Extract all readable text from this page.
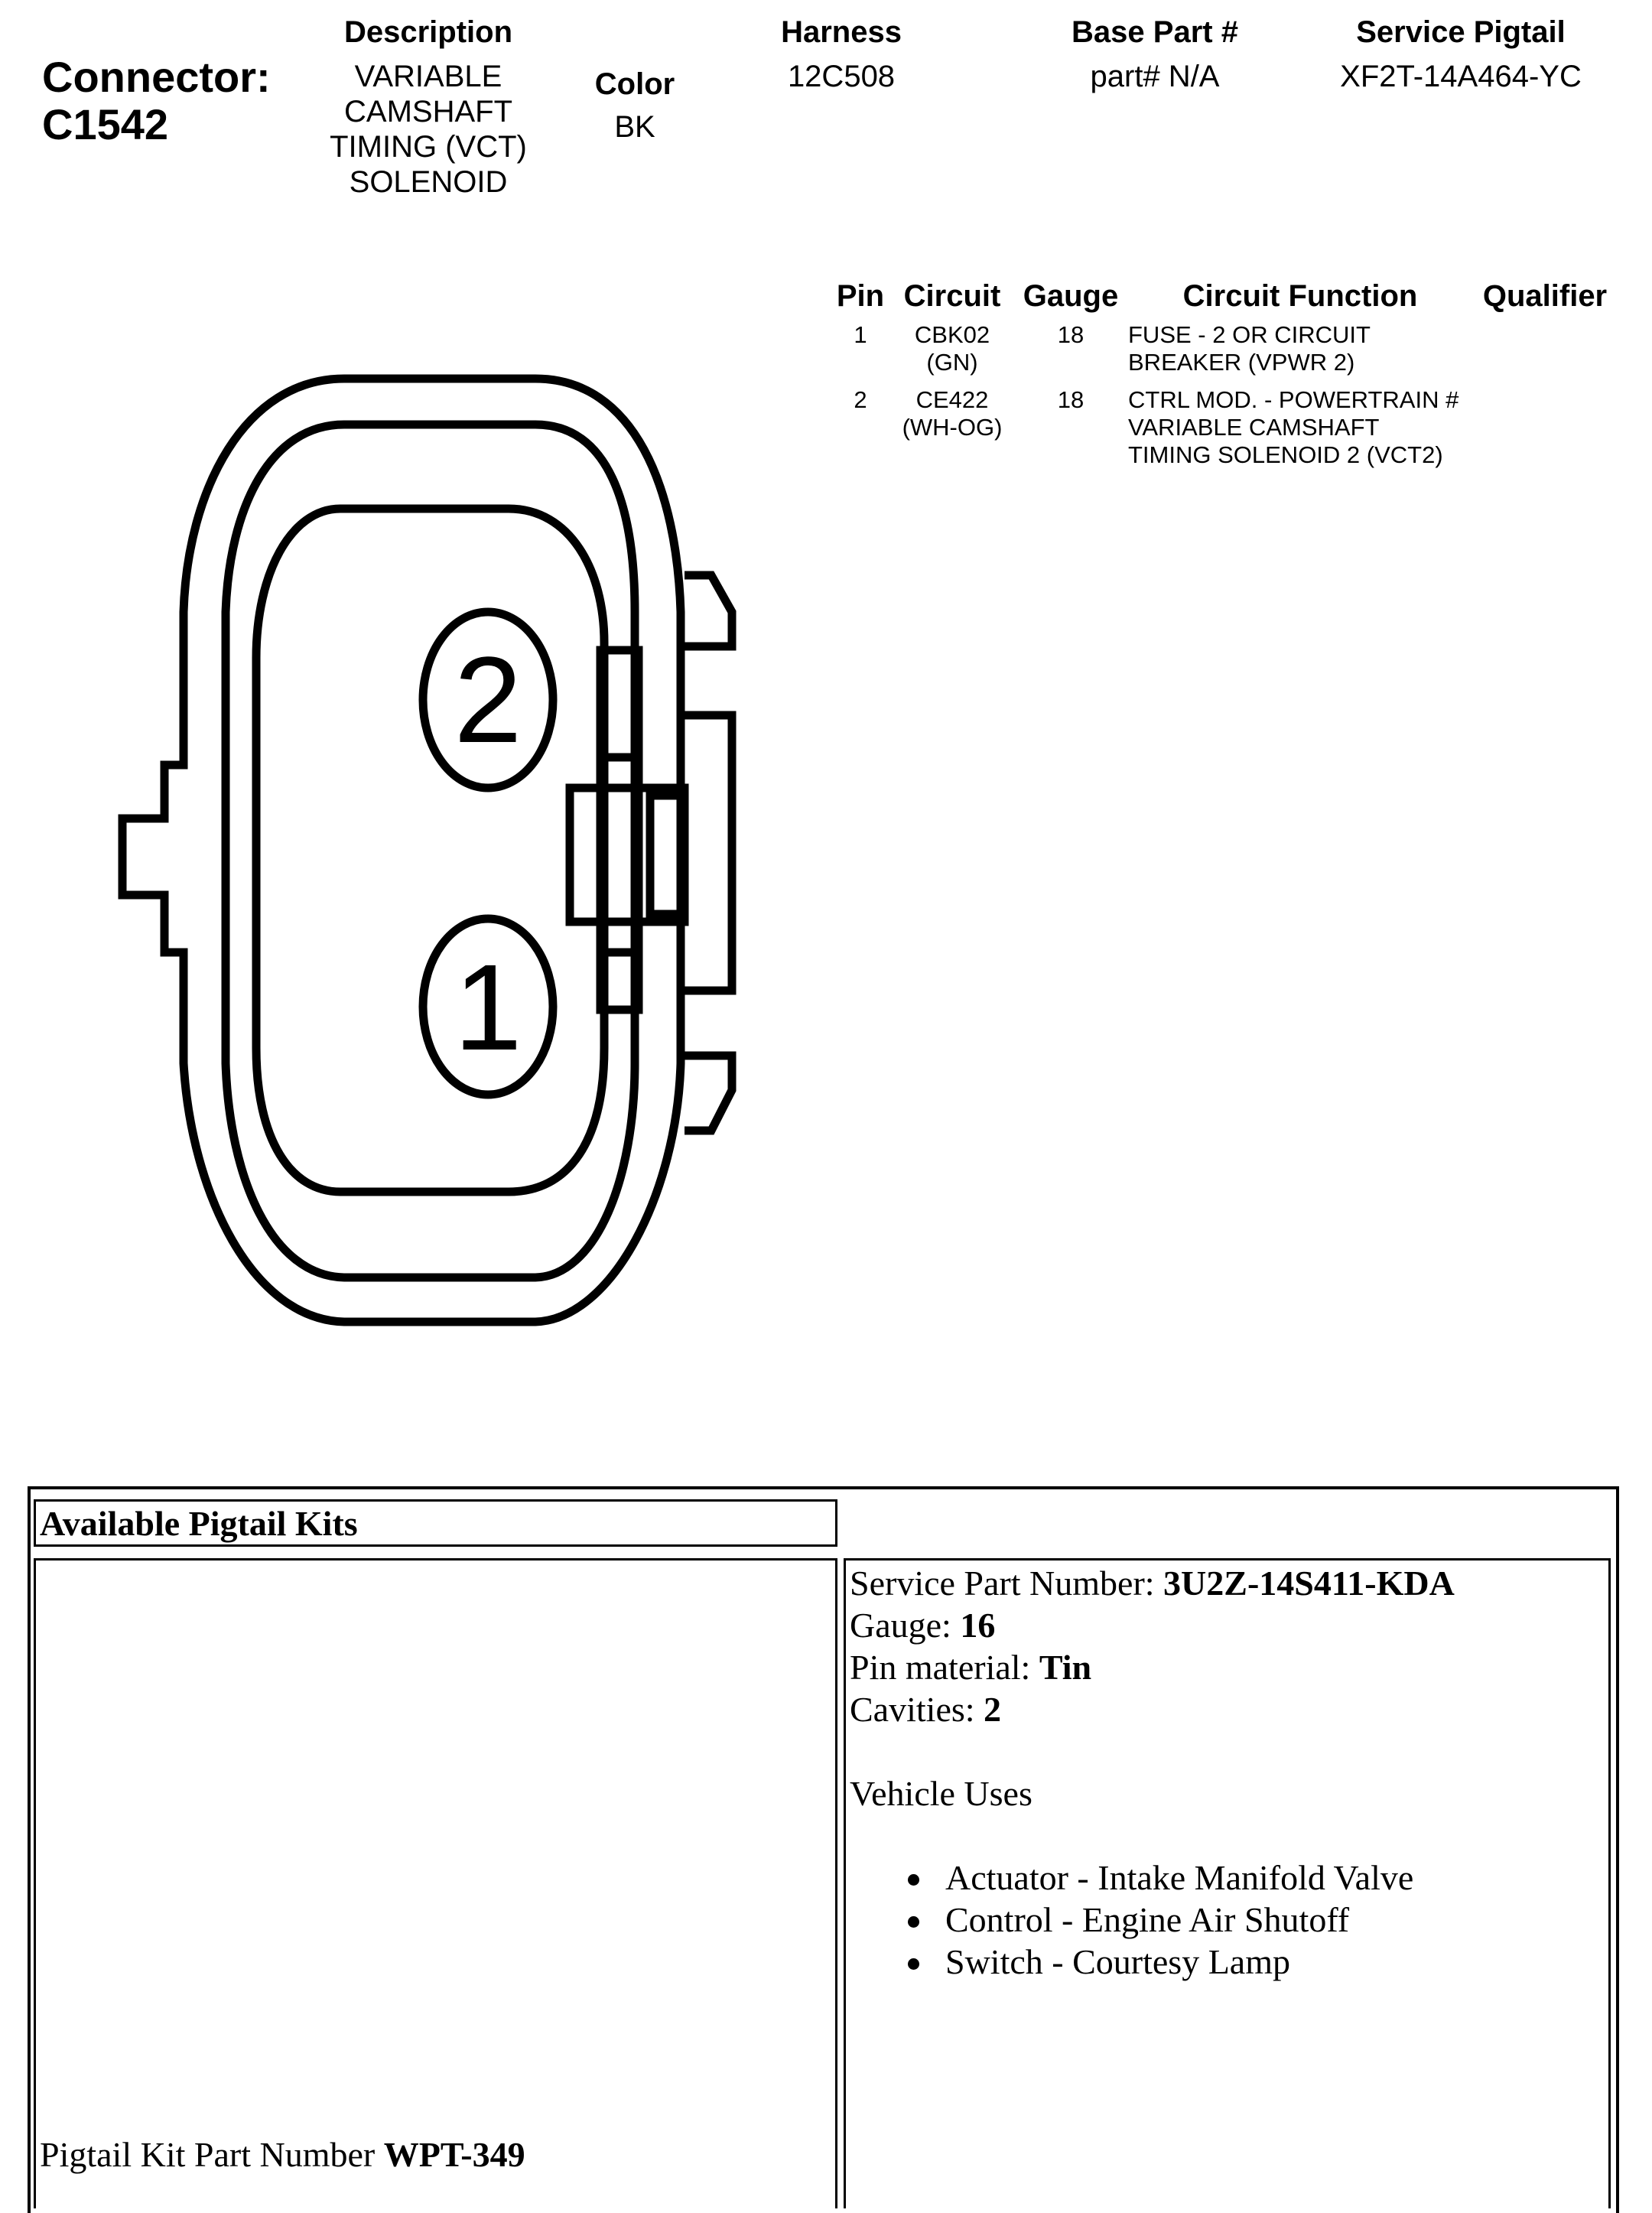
Connector:
C1542
Description
VARIABLE
CAMSHAFT
TIMING (VCT)
SOLENOID
Color
BK
Harness
12C508
Base Part #
part# N/A
Service Pigtail
XF2T-14A464-YC
Pin Circuit Gauge	Circuit Function	Qualifier
1	CBK02
(GN)
18	FUSE - 2 OR CIRCUIT
BREAKER (VPWR 2)
2	CE422
(WH-OG)
18	CTRL MOD. - POWERTRAIN #
VARIABLE CAMSHAFT
TIMING SOLENOID 2 (VCT2)
2
1
Available Pigtail Kits
Pigtail Kit Part Number WPT-349
Service Part Number: 3U2Z-14S411-KDA
Gauge: 16
Pin material: Tin
Cavities: 2
Vehicle Uses
Actuator - Intake Manifold Valve
Control - Engine Air Shutoff
Switch - Courtesy Lamp
